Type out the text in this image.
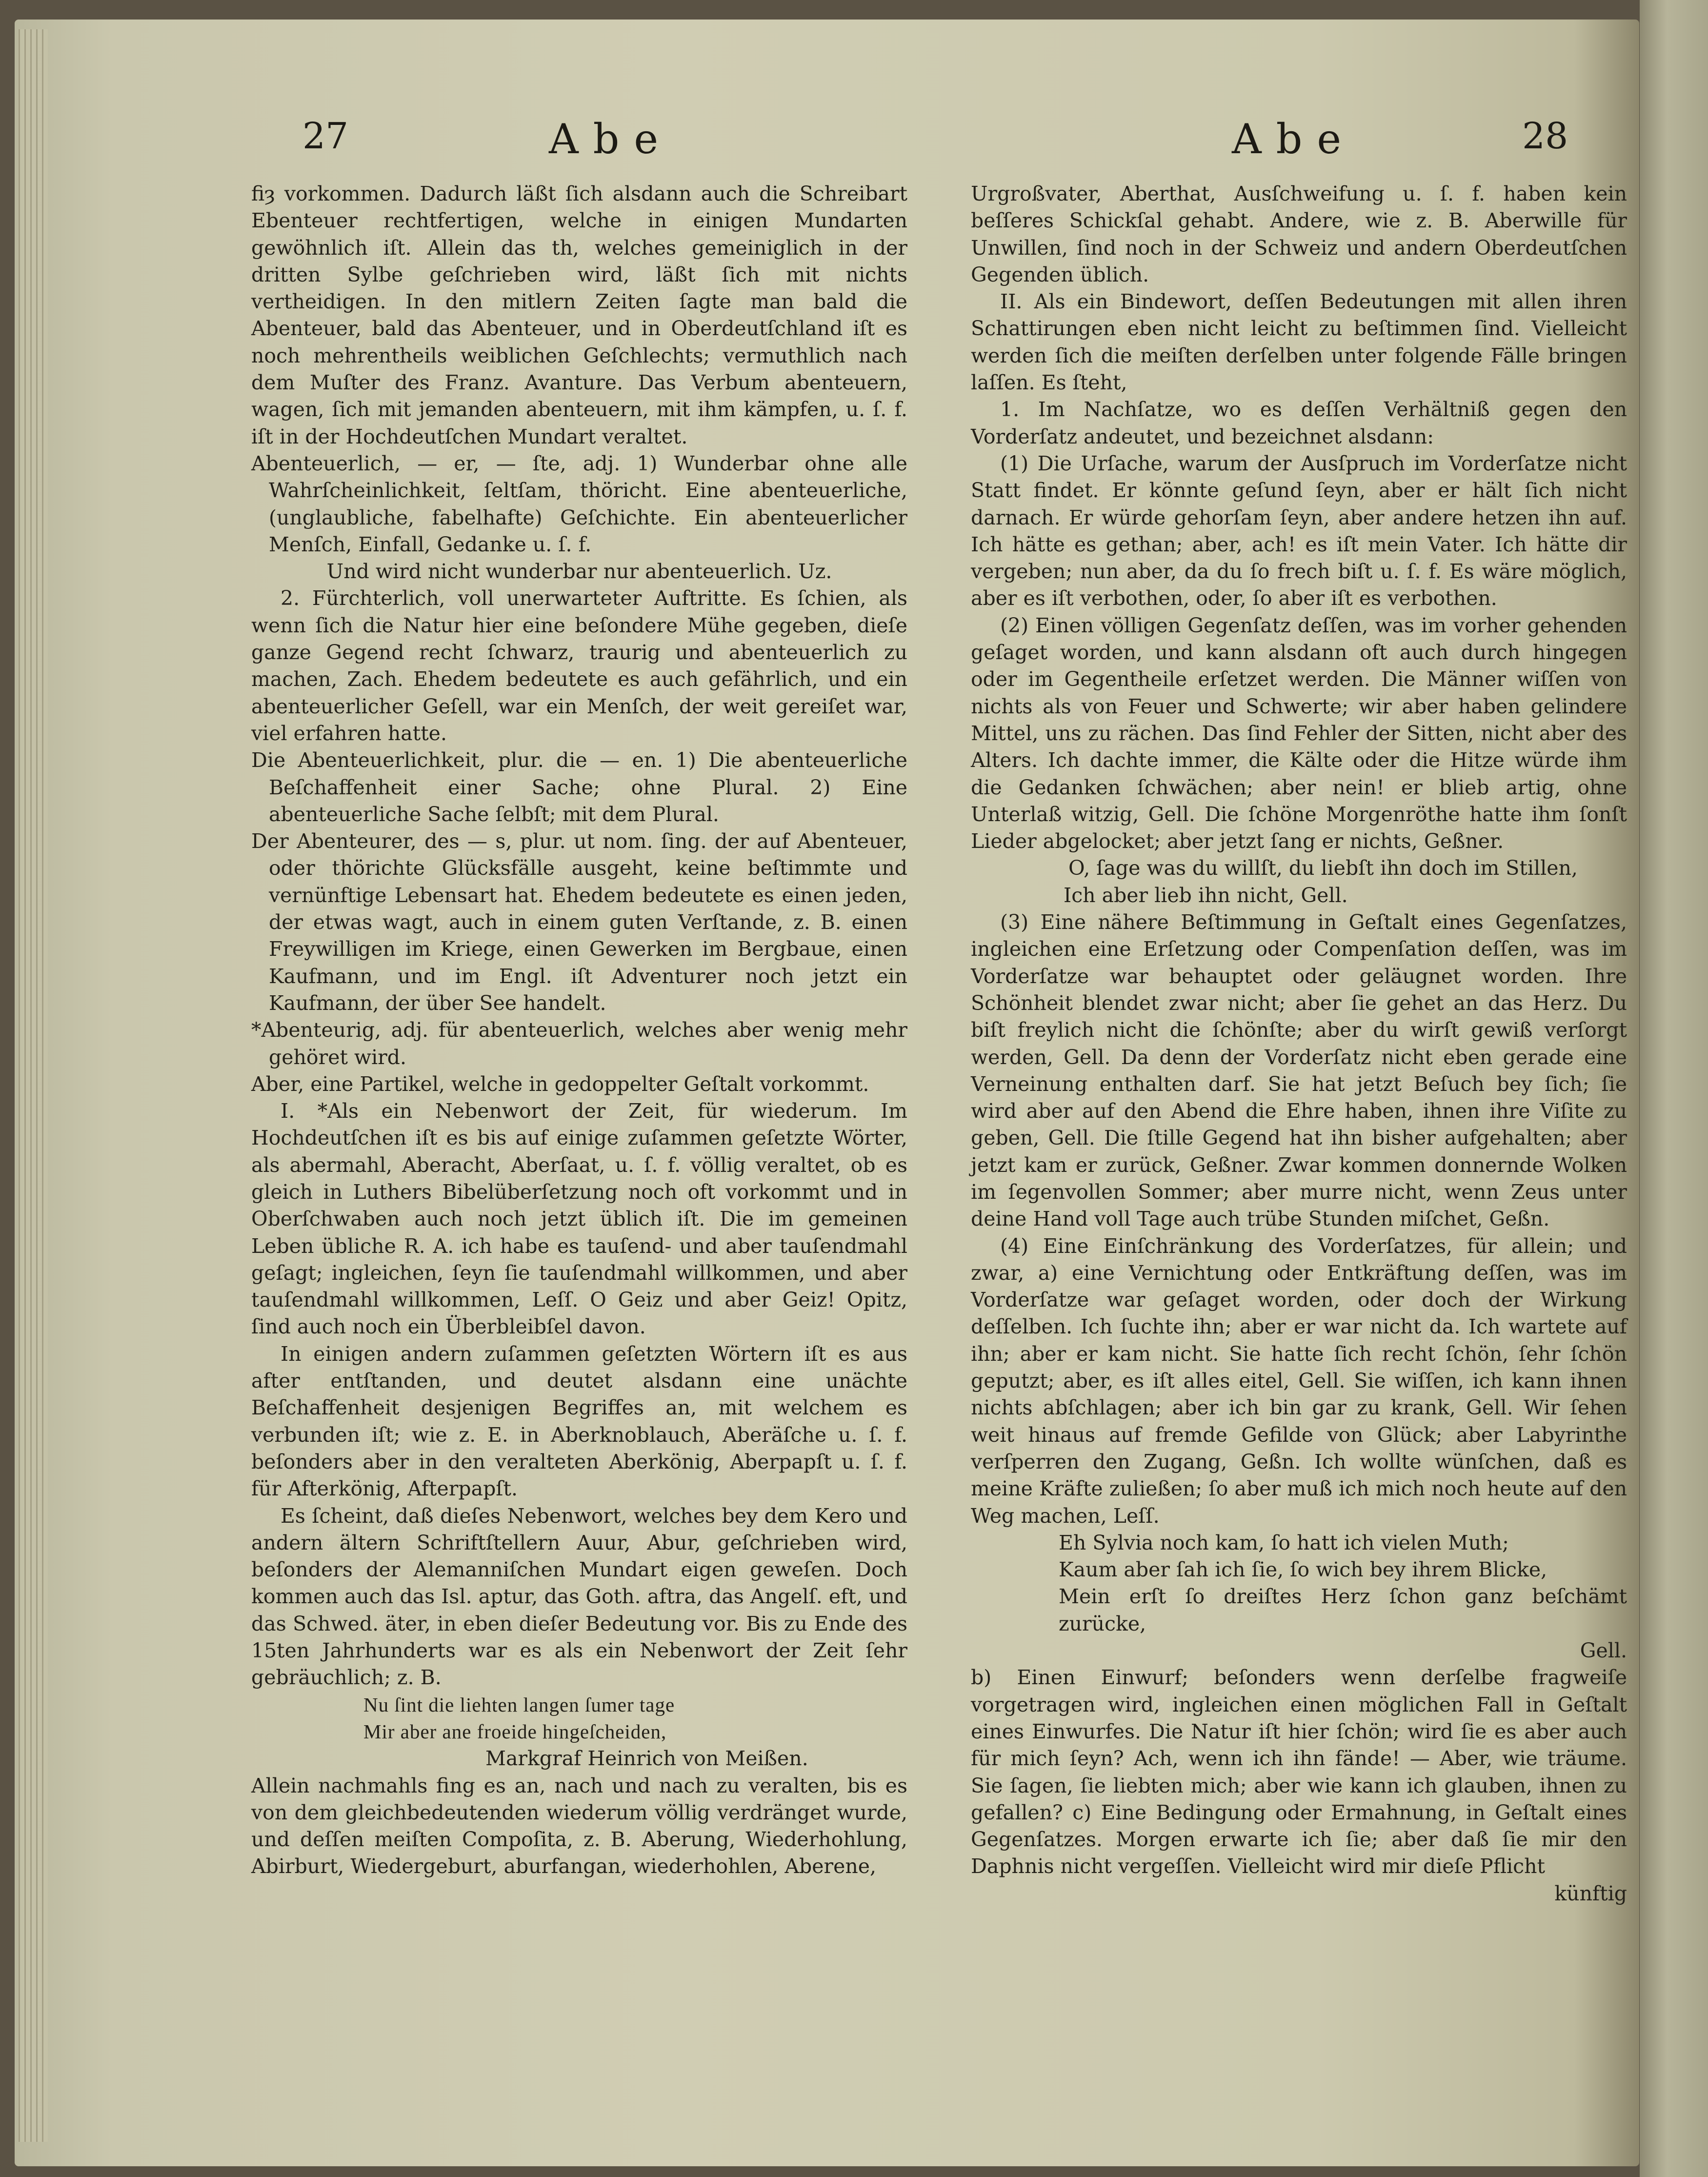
27	Abe	Abe	28

fiȝ vorkommen. Dadurch läßt ſich alsdann auch die Schreibart Ebenteuer rechtfertigen, welche in einigen Mundarten gewöhnlich iſt. Allein das th, welches gemeiniglich in der dritten Sylbe geſchrieben wird, läßt ſich mit nichts vertheidigen. In den mitlern Zeiten ſagte man bald die Abenteuer, bald das Abenteuer, und in Oberdeutſchland iſt es noch mehrentheils weiblichen Geſchlechts; vermuthlich nach dem Muſter des Franz. Avanture. Das Verbum abenteuern, wagen, ſich mit jemanden abenteuern, mit ihm kämpfen, u. ſ. f. iſt in der Hochdeutſchen Mundart veraltet.

Abenteuerlich, — er, — ſte, adj. 1) Wunderbar ohne alle Wahrſcheinlichkeit, ſeltſam, thöricht. Eine abenteuerliche, (unglaubliche, fabelhafte) Geſchichte. Ein abenteuerlicher Menſch, Einfall, Gedanke u. ſ. f.

Und wird nicht wunderbar nur abenteuerlich. Uz.

2. Fürchterlich, voll unerwarteter Auftritte. Es ſchien, als wenn ſich die Natur hier eine beſondere Mühe gegeben, dieſe ganze Gegend recht ſchwarz, traurig und abenteuerlich zu machen, Zach. Ehedem bedeutete es auch gefährlich, und ein abenteuerlicher Geſell, war ein Menſch, der weit gereiſet war, viel erfahren hatte.

Die Abenteuerlichkeit, plur. die — en. 1) Die abenteuerliche Beſchaffenheit einer Sache; ohne Plural. 2) Eine abenteuerliche Sache ſelbſt; mit dem Plural.

Der Abenteurer, des — s, plur. ut nom. ſing. der auf Abenteuer, oder thörichte Glücksfälle ausgeht, keine beſtimmte und vernünftige Lebensart hat. Ehedem bedeutete es einen jeden, der etwas wagt, auch in einem guten Verſtande, z. B. einen Freywilligen im Kriege, einen Gewerken im Bergbaue, einen Kaufmann, und im Engl. iſt Adventurer noch jetzt ein Kaufmann, der über See handelt.

*Abenteurig, adj. für abenteuerlich, welches aber wenig mehr gehöret wird.

Aber, eine Partikel, welche in gedoppelter Geſtalt vorkommt.

I. *Als ein Nebenwort der Zeit, für wiederum. Im Hochdeutſchen iſt es bis auf einige zuſammen geſetzte Wörter, als abermahl, Aberacht, Aberſaat, u. ſ. f. völlig veraltet, ob es gleich in Luthers Bibelüberſetzung noch oft vorkommt und in Oberſchwaben auch noch jetzt üblich iſt. Die im gemeinen Leben übliche R. A. ich habe es tauſend- und aber tauſendmahl geſagt; ingleichen, ſeyn ſie tauſendmahl willkommen, und aber tauſendmahl willkommen, Leſſ. O Geiz und aber Geiz! Opitz, ſind auch noch ein Überbleibſel davon.

In einigen andern zuſammen geſetzten Wörtern iſt es aus after entſtanden, und deutet alsdann eine unächte Beſchaffenheit desjenigen Begriffes an, mit welchem es verbunden iſt; wie z. E. in Aberknoblauch, Aberäſche u. ſ. f. beſonders aber in den veralteten Aberkönig, Aberpapſt u. ſ. f. für Afterkönig, Afterpapſt.

Es ſcheint, daß dieſes Nebenwort, welches bey dem Kero und andern ältern Schriftſtellern Auur, Abur, geſchrieben wird, beſonders der Alemanniſchen Mundart eigen geweſen. Doch kommen auch das Isl. aptur, das Goth. aftra, das Angelſ. eft, und das Schwed. äter, in eben dieſer Bedeutung vor. Bis zu Ende des 15ten Jahrhunderts war es als ein Nebenwort der Zeit ſehr gebräuchlich; z. B.

Nu ſint die liehten langen ſumer tage

Mir aber ane froeide hingeſcheiden,

Markgraf Heinrich von Meißen.

Allein nachmahls fing es an, nach und nach zu veralten, bis es von dem gleichbedeutenden wiederum völlig verdränget wurde, und deſſen meiſten Compoſita, z. B. Aberung, Wiederhohlung, Abirburt, Wiedergeburt, aburfangan, wiederhohlen, Aberene,

Urgroßvater, Aberthat, Ausſchweifung u. ſ. f. haben kein beſſeres Schickſal gehabt. Andere, wie z. B. Aberwille für Unwillen, ſind noch in der Schweiz und andern Oberdeutſchen Gegenden üblich.

II. Als ein Bindewort, deſſen Bedeutungen mit allen ihren Schattirungen eben nicht leicht zu beſtimmen ſind. Vielleicht werden ſich die meiſten derſelben unter folgende Fälle bringen laſſen. Es ſteht,

1. Im Nachſatze, wo es deſſen Verhältniß gegen den Vorderſatz andeutet, und bezeichnet alsdann:

(1) Die Urſache, warum der Ausſpruch im Vorderſatze nicht Statt findet. Er könnte geſund ſeyn, aber er hält ſich nicht darnach. Er würde gehorſam ſeyn, aber andere hetzen ihn auf. Ich hätte es gethan; aber, ach! es iſt mein Vater. Ich hätte dir vergeben; nun aber, da du ſo frech biſt u. ſ. f. Es wäre möglich, aber es iſt verbothen, oder, ſo aber iſt es verbothen.

(2) Einen völligen Gegenſatz deſſen, was im vorher gehenden geſaget worden, und kann alsdann oft auch durch hingegen oder im Gegentheile erſetzet werden. Die Männer wiſſen von nichts als von Feuer und Schwerte; wir aber haben gelindere Mittel, uns zu rächen. Das ſind Fehler der Sitten, nicht aber des Alters. Ich dachte immer, die Kälte oder die Hitze würde ihm die Gedanken ſchwächen; aber nein! er blieb artig, ohne Unterlaß witzig, Gell. Die ſchöne Morgenröthe hatte ihm ſonſt Lieder abgelocket; aber jetzt ſang er nichts, Geßner.

O, ſage was du willſt, du liebſt ihn doch im Stillen,

Ich aber lieb ihn nicht, Gell.

(3) Eine nähere Beſtimmung in Geſtalt eines Gegenſatzes, ingleichen eine Erſetzung oder Compenſation deſſen, was im Vorderſatze war behauptet oder geläugnet worden. Ihre Schönheit blendet zwar nicht; aber ſie gehet an das Herz. Du biſt freylich nicht die ſchönſte; aber du wirſt gewiß verſorgt werden, Gell. Da denn der Vorderſatz nicht eben gerade eine Verneinung enthalten darf. Sie hat jetzt Beſuch bey ſich; ſie wird aber auf den Abend die Ehre haben, ihnen ihre Viſite zu geben, Gell. Die ſtille Gegend hat ihn bisher aufgehalten; aber jetzt kam er zurück, Geßner. Zwar kommen donnernde Wolken im ſegenvollen Sommer; aber murre nicht, wenn Zeus unter deine Hand voll Tage auch trübe Stunden miſchet, Geßn.

(4) Eine Einſchränkung des Vorderſatzes, für allein; und zwar, a) eine Vernichtung oder Entkräftung deſſen, was im Vorderſatze war geſaget worden, oder doch der Wirkung deſſelben. Ich ſuchte ihn; aber er war nicht da. Ich wartete auf ihn; aber er kam nicht. Sie hatte ſich recht ſchön, ſehr ſchön geputzt; aber, es iſt alles eitel, Gell. Sie wiſſen, ich kann ihnen nichts abſchlagen; aber ich bin gar zu krank, Gell. Wir ſehen weit hinaus auf fremde Gefilde von Glück; aber Labyrinthe verſperren den Zugang, Geßn. Ich wollte wünſchen, daß es meine Kräfte zuließen; ſo aber muß ich mich noch heute auf den Weg machen, Leſſ.

Eh Sylvia noch kam, ſo hatt ich vielen Muth;

Kaum aber ſah ich ſie, ſo wich bey ihrem Blicke,

Mein erſt ſo dreiſtes Herz ſchon ganz beſchämt zurücke,

Gell.

b) Einen Einwurf; beſonders wenn derſelbe fragweiſe vorgetragen wird, ingleichen einen möglichen Fall in Geſtalt eines Einwurfes. Die Natur iſt hier ſchön; wird ſie es aber auch für mich ſeyn? Ach, wenn ich ihn fände! — Aber, wie träume. Sie ſagen, ſie liebten mich; aber wie kann ich glauben, ihnen zu gefallen? c) Eine Bedingung oder Ermahnung, in Geſtalt eines Gegenſatzes. Morgen erwarte ich ſie; aber daß ſie mir den Daphnis nicht vergeſſen. Vielleicht wird mir dieſe Pflicht

künftig
